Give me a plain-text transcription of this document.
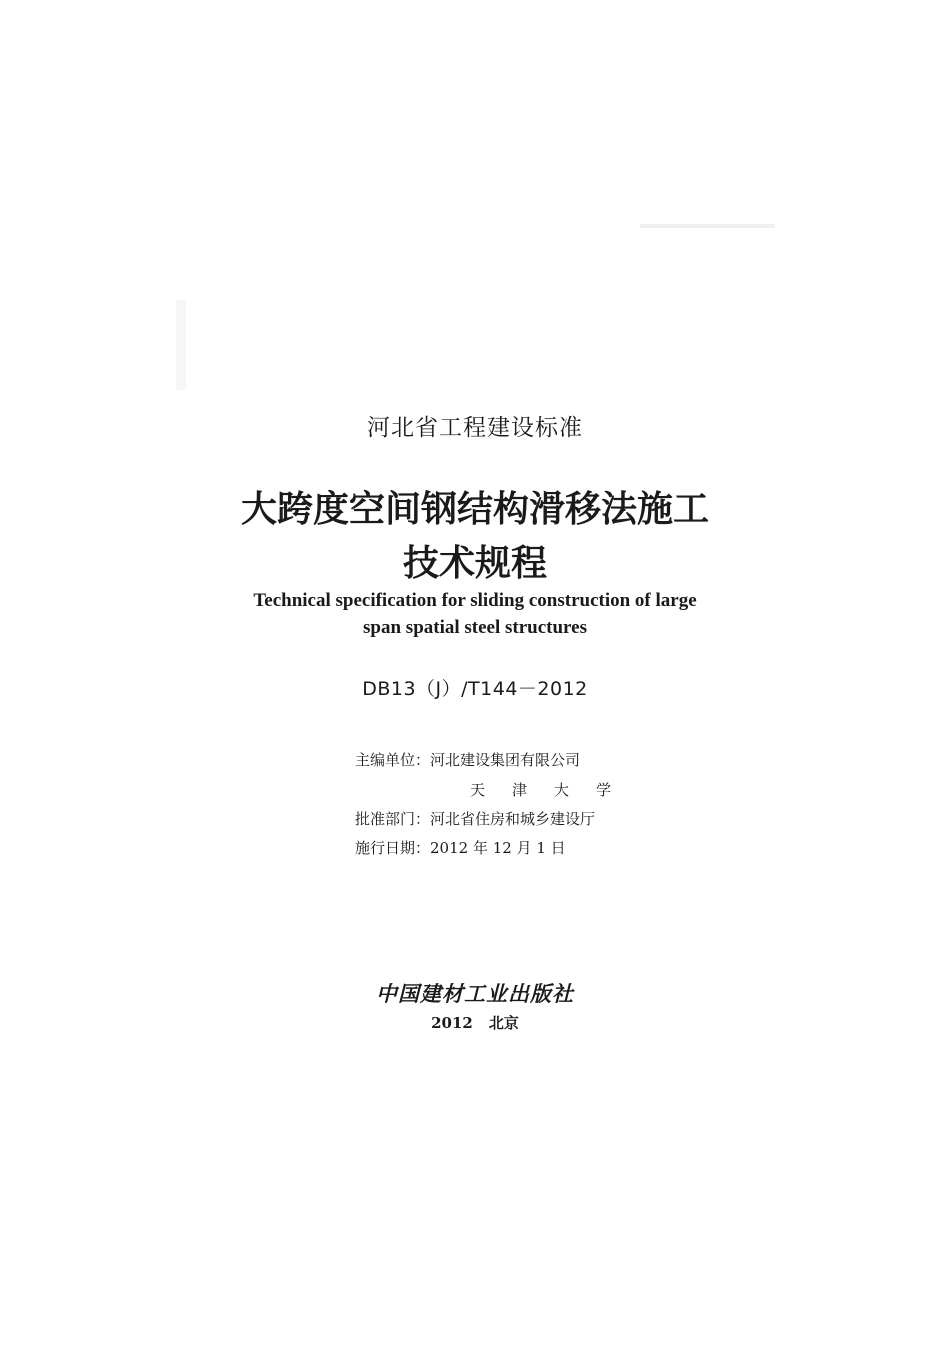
河北省工程建设标准
大跨度空间钢结构滑移法施工
技术规程
Technical specification for sliding construction of large
span spatial steel structures
DB13（J）/T144－2012
主编单位：河北建设集团有限公司
天津大学
批准部门：河北省住房和城乡建设厅
施行日期：2012 年 12 月 1 日
中国建材工业出版社
2012 北京
